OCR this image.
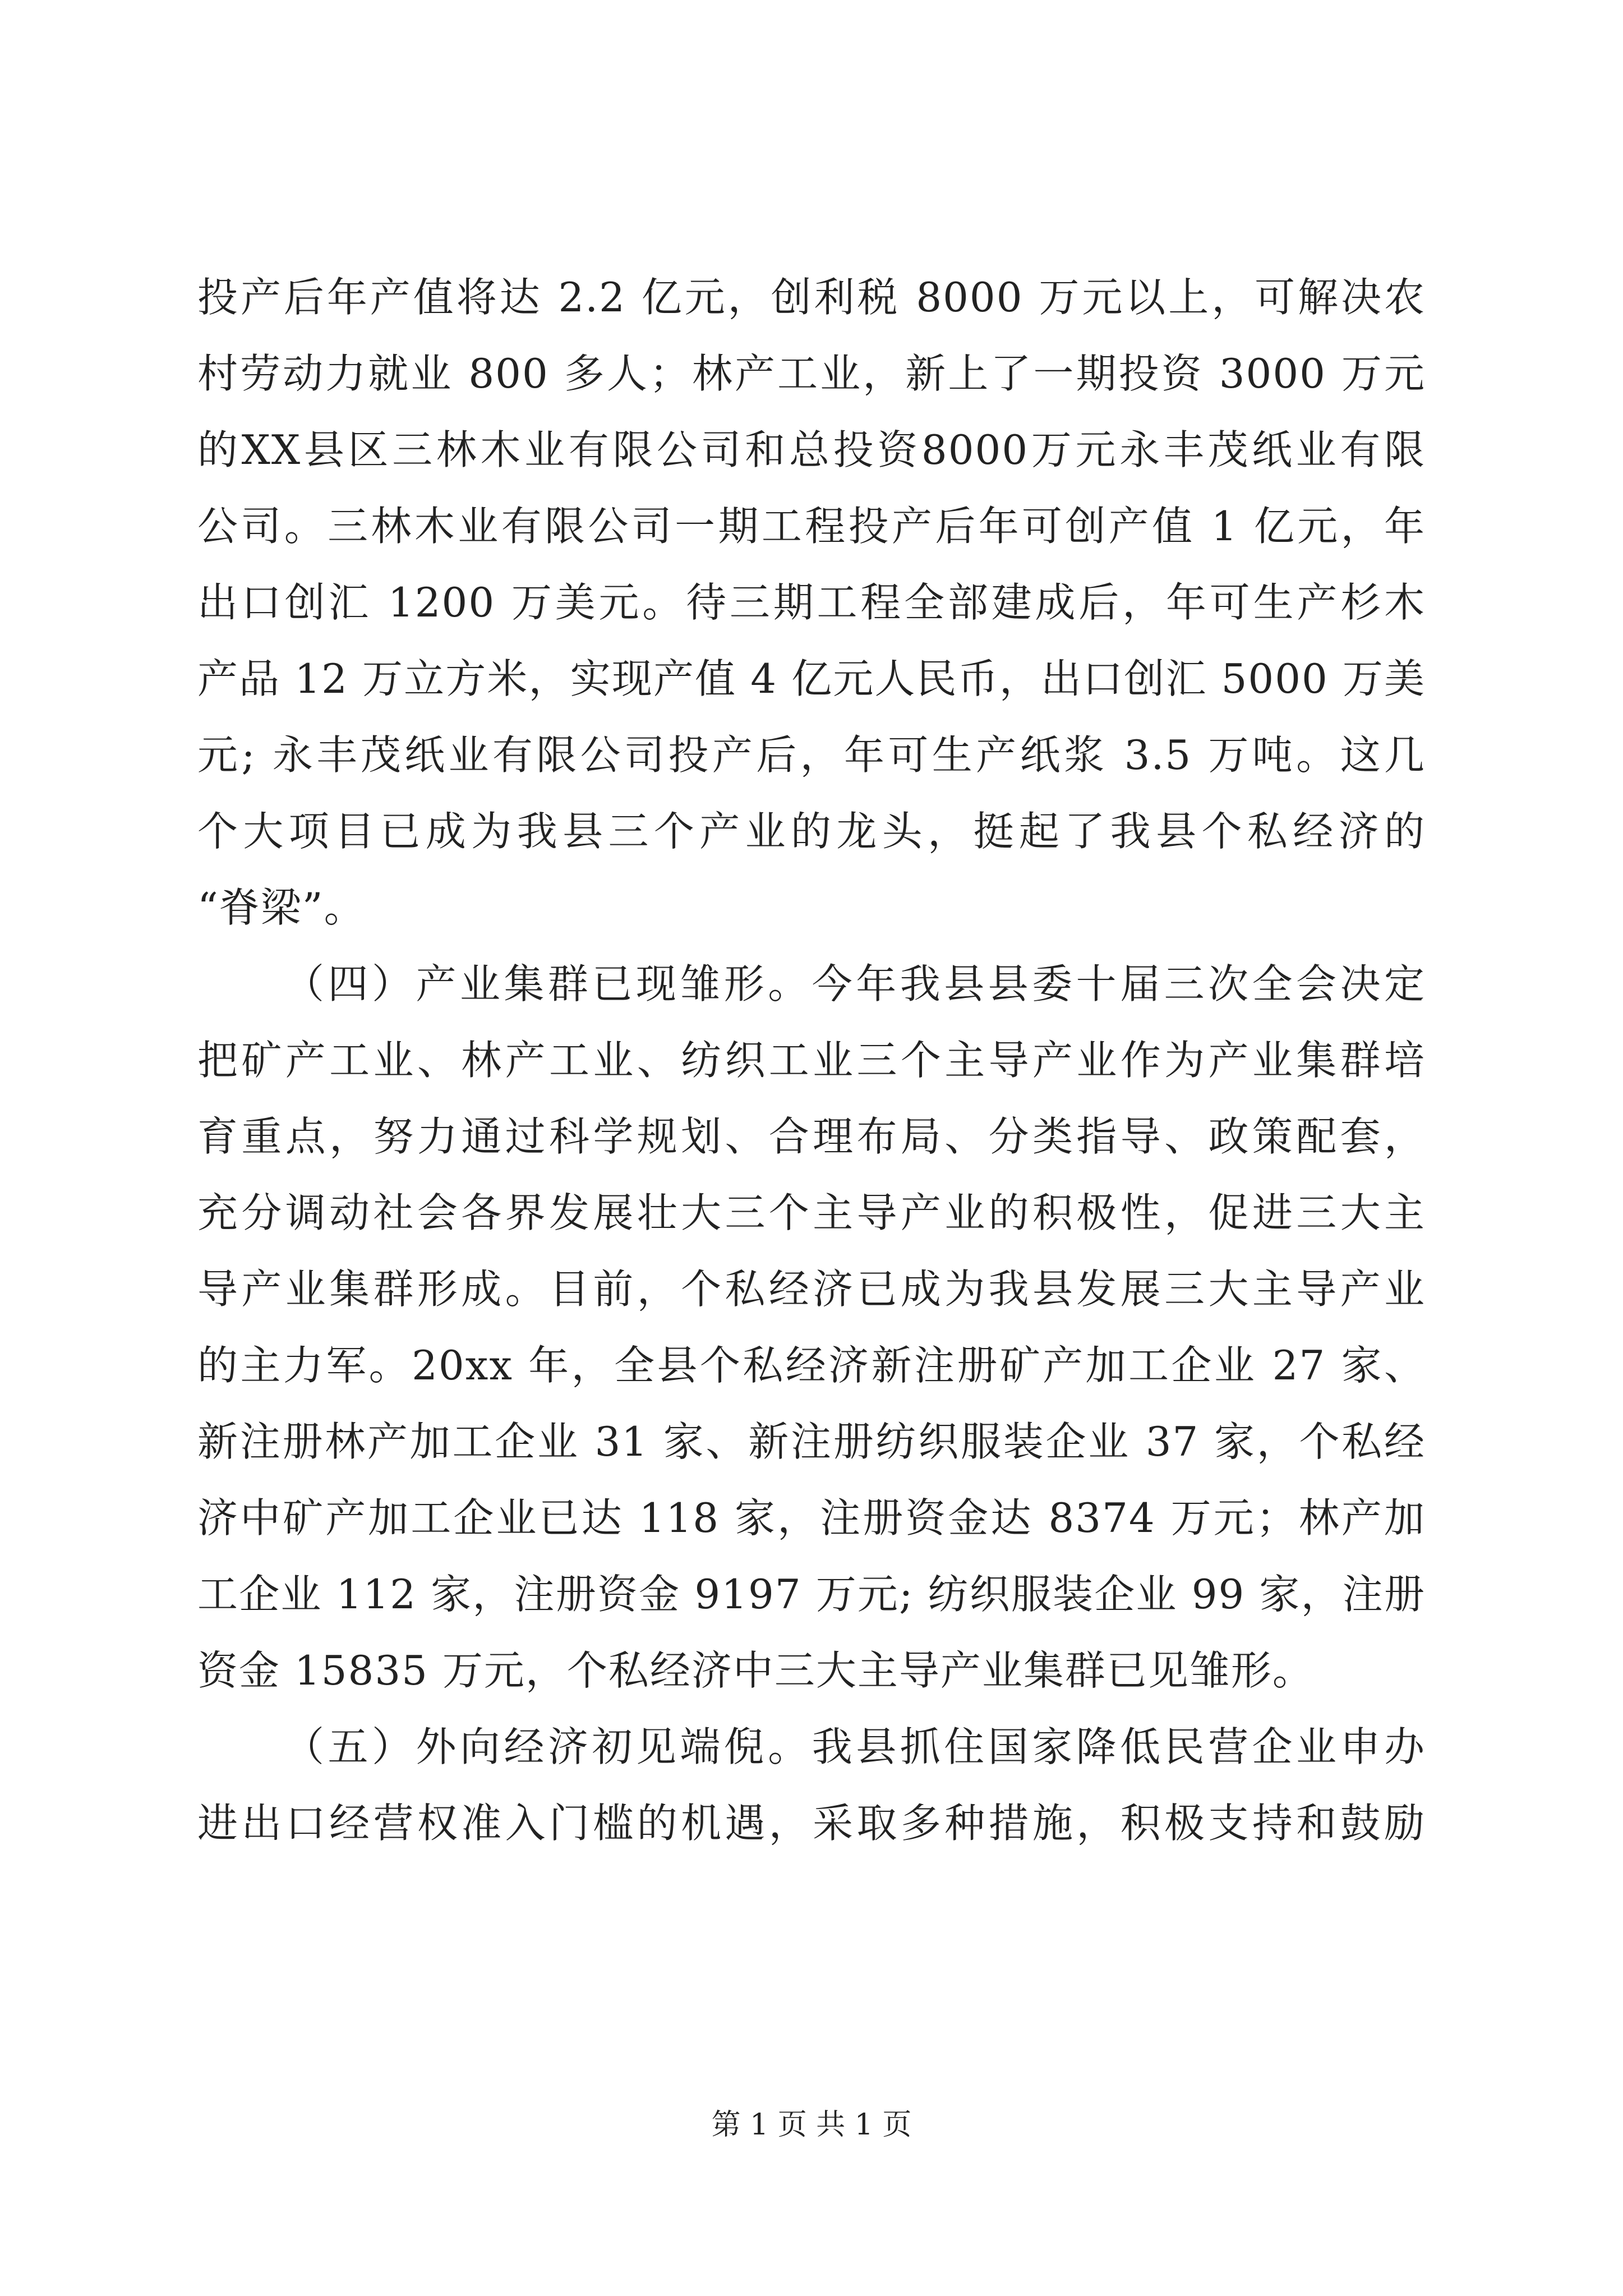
投产后年产值将达 2.2 亿元，创利税 8000 万元以上，可解决农
村劳动力就业 800 多人；林产工业，新上了一期投资 3000 万元
的XX县区三林木业有限公司和总投资8000万元永丰茂纸业有限
公司。三林木业有限公司一期工程投产后年可创产值 1 亿元，年
出口创汇 1200 万美元。待三期工程全部建成后，年可生产杉木
产品 12 万立方米，实现产值 4 亿元人民币，出口创汇 5000 万美
元; 永丰茂纸业有限公司投产后，年可生产纸浆 3.5 万吨。这几
个大项目已成为我县三个产业的龙头，挺起了我县个私经济的
“脊梁”。
（四）产业集群已现雏形。今年我县县委十届三次全会决定
把矿产工业、林产工业、纺织工业三个主导产业作为产业集群培
育重点，努力通过科学规划、合理布局、分类指导、政策配套，
充分调动社会各界发展壮大三个主导产业的积极性，促进三大主
导产业集群形成。目前，个私经济已成为我县发展三大主导产业
的主力军。20xx 年，全县个私经济新注册矿产加工企业 27 家、
新注册林产加工企业 31 家、新注册纺织服装企业 37 家，个私经
济中矿产加工企业已达 118 家，注册资金达 8374 万元；林产加
工企业 112 家，注册资金 9197 万元; 纺织服装企业 99 家，注册
资金 15835 万元，个私经济中三大主导产业集群已见雏形。
（五）外向经济初见端倪。我县抓住国家降低民营企业申办
进出口经营权准入门槛的机遇，采取多种措施，积极支持和鼓励
第 1 页 共 1 页
